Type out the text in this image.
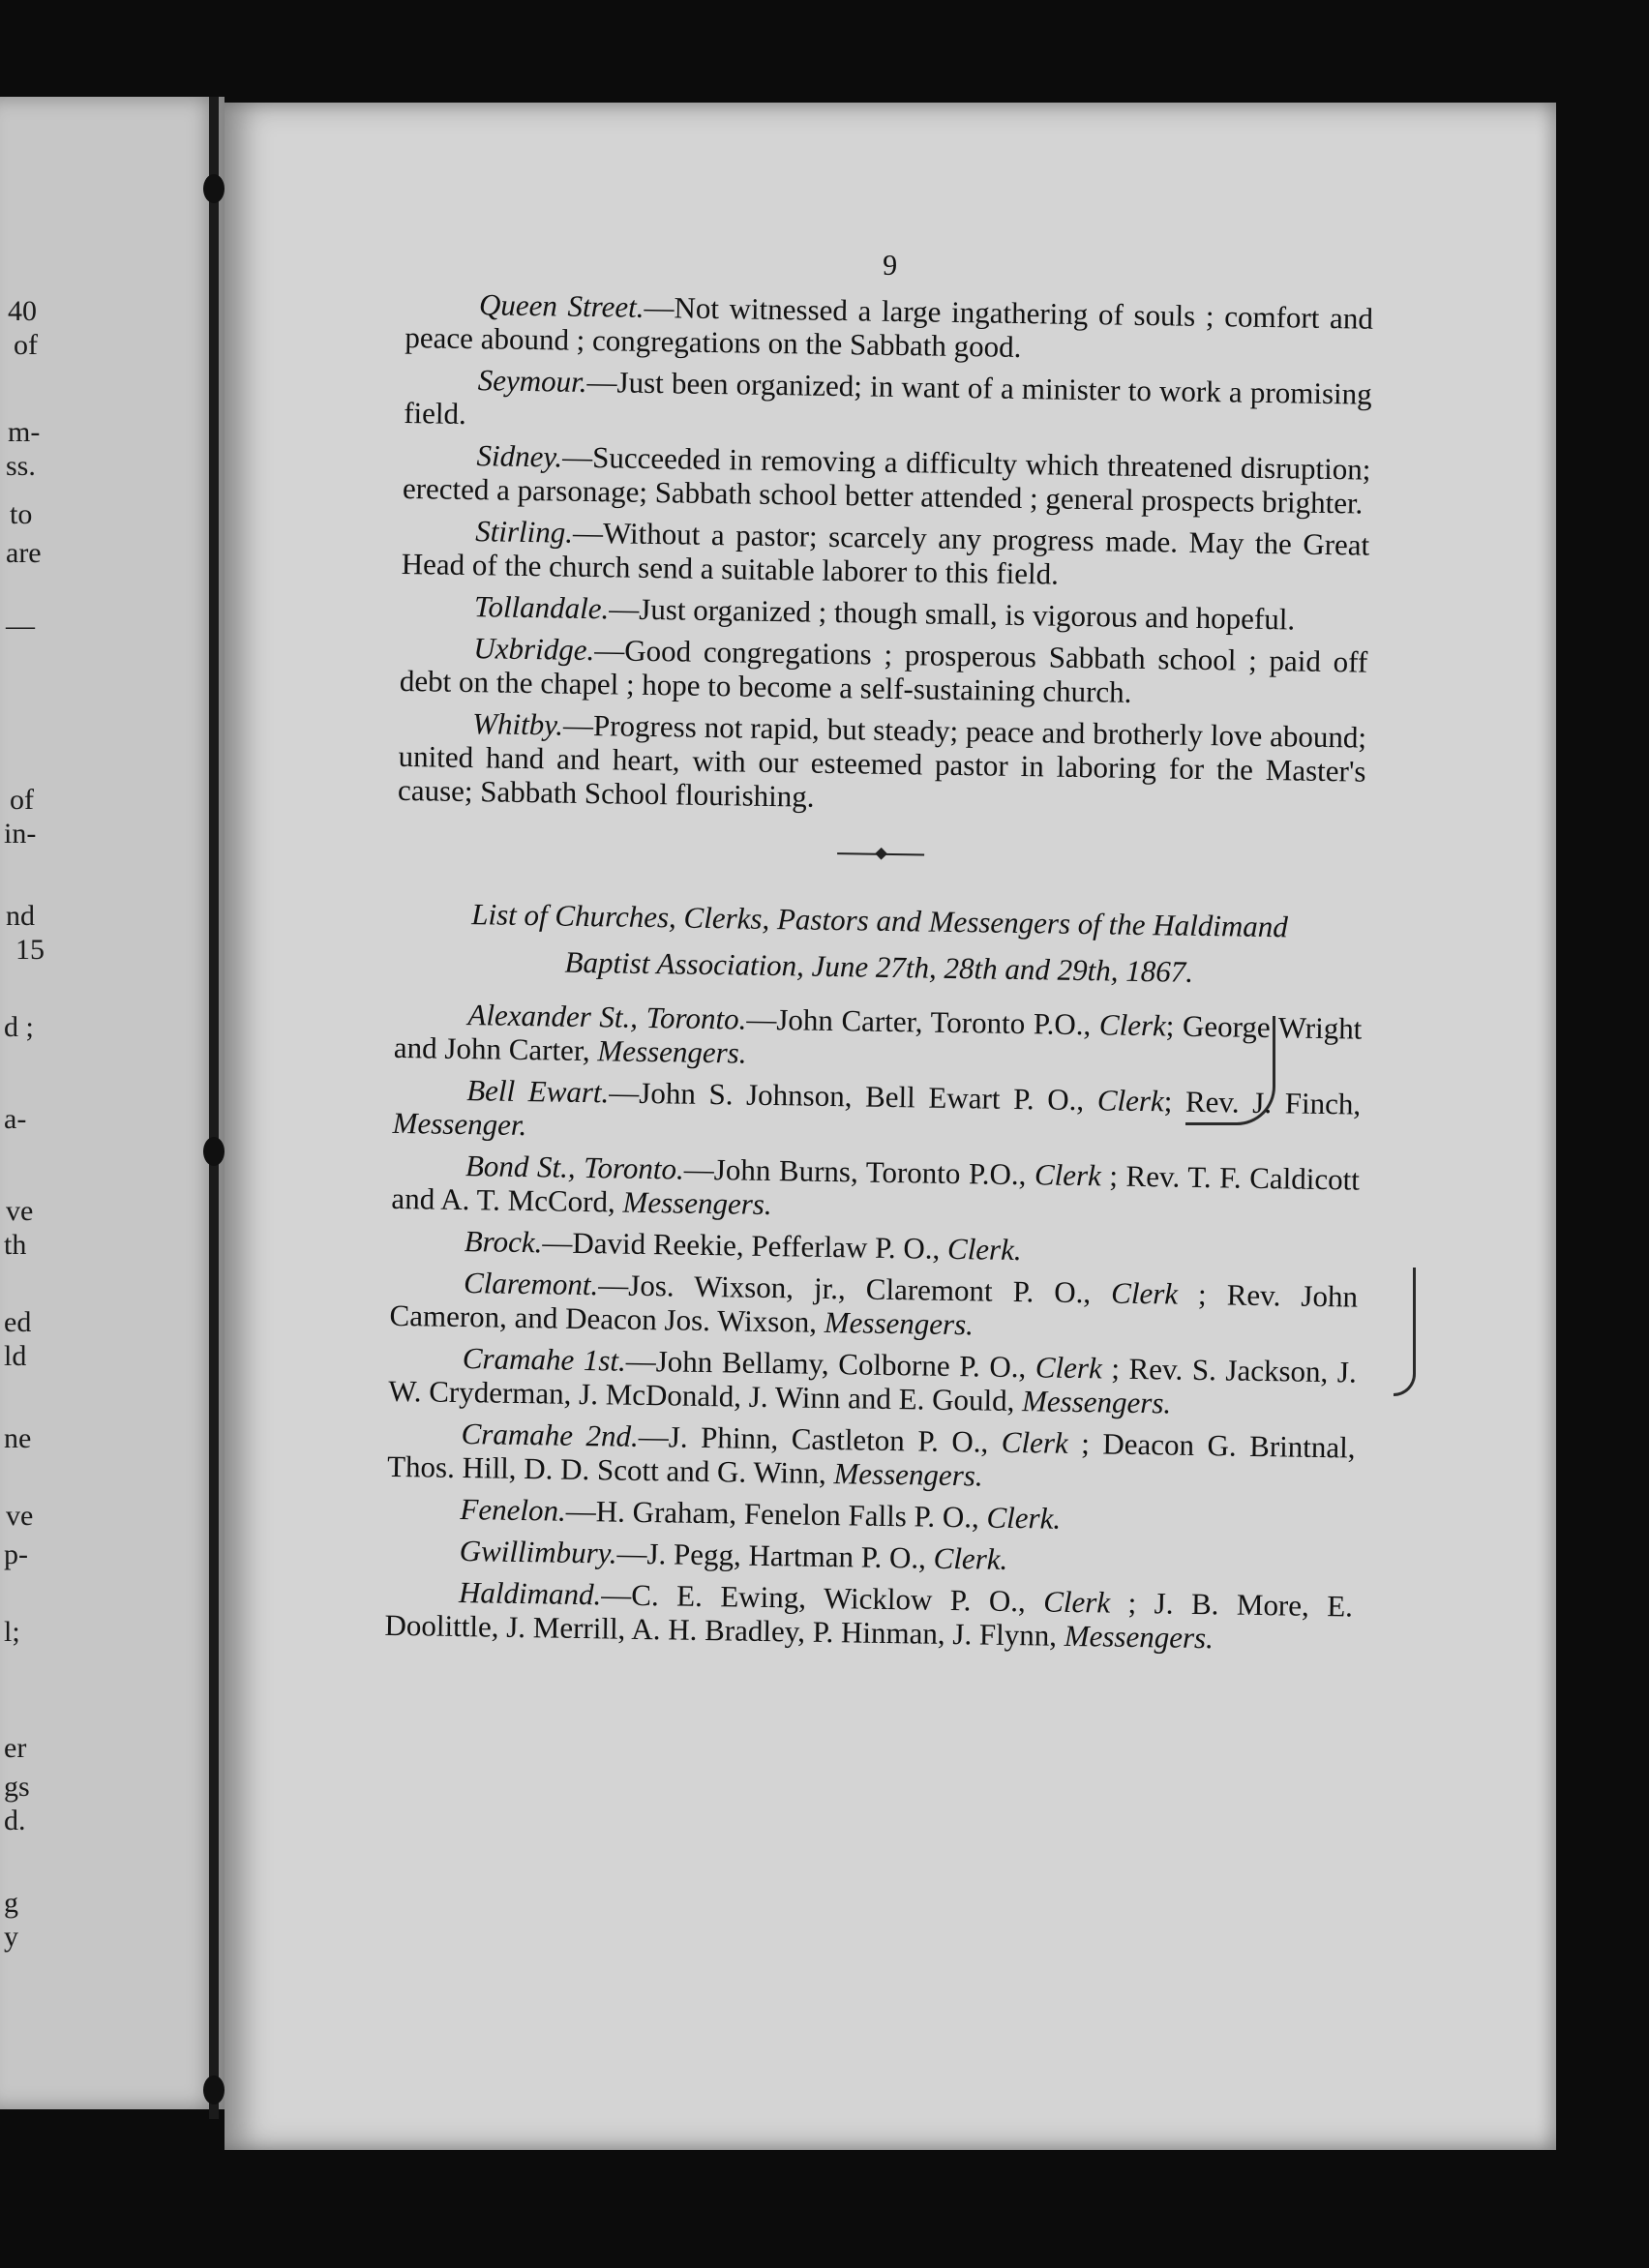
40
of
m-
ss.
to
are
—
of
in-
nd
15
d ;
a-
ve
th
ed
ld
ne
ve
p-
l;
er
gs
d.
g
y
9

Queen Street.—Not witnessed a large ingathering of souls ; comfort and peace abound ; congregations on the Sabbath good.

Seymour.—Just been organized; in want of a minister to work a promising field.

Sidney.—Succeeded in removing a difficulty which threatened disruption; erected a parsonage; Sabbath school better attended ; general prospects brighter.

Stirling.—Without a pastor; scarcely any progress made. May the Great Head of the church send a suitable laborer to this field.

Tollandale.—Just organized ; though small, is vigorous and hopeful.

Uxbridge.—Good congregations ; prosperous Sabbath school ; paid off debt on the chapel ; hope to become a self-sustaining church.

Whitby.—Progress not rapid, but steady; peace and brotherly love abound; united hand and heart, with our esteemed pastor in laboring for the Master's cause; Sabbath School flourishing.

List of Churches, Clerks, Pastors and Messengers of the Haldimand
Baptist Association, June 27th, 28th and 29th, 1867.

Alexander St., Toronto.—John Carter, Toronto P.O., Clerk; George Wright and John Carter, Messengers.

Bell Ewart.—John S. Johnson, Bell Ewart P. O., Clerk; Rev. J. Finch, Messenger.

Bond St., Toronto.—John Burns, Toronto P.O., Clerk ; Rev. T. F. Caldicott and A. T. McCord, Messengers.

Brock.—David Reekie, Pefferlaw P. O., Clerk.

Claremont.—Jos. Wixson, jr., Claremont P. O., Clerk ; Rev. John Cameron, and Deacon Jos. Wixson, Messengers.

Cramahe 1st.—John Bellamy, Colborne P. O., Clerk ; Rev. S. Jackson, J. W. Cryderman, J. McDonald, J. Winn and E. Gould, Messengers.

Cramahe 2nd.—J. Phinn, Castleton P. O., Clerk ; Deacon G. Brintnal, Thos. Hill, D. D. Scott and G. Winn, Messengers.

Fenelon.—H. Graham, Fenelon Falls P. O., Clerk.

Gwillimbury.—J. Pegg, Hartman P. O., Clerk.

Haldimand.—C. E. Ewing, Wicklow P. O., Clerk ; J. B. More, E. Doolittle, J. Merrill, A. H. Bradley, P. Hinman, J. Flynn, Messengers.
